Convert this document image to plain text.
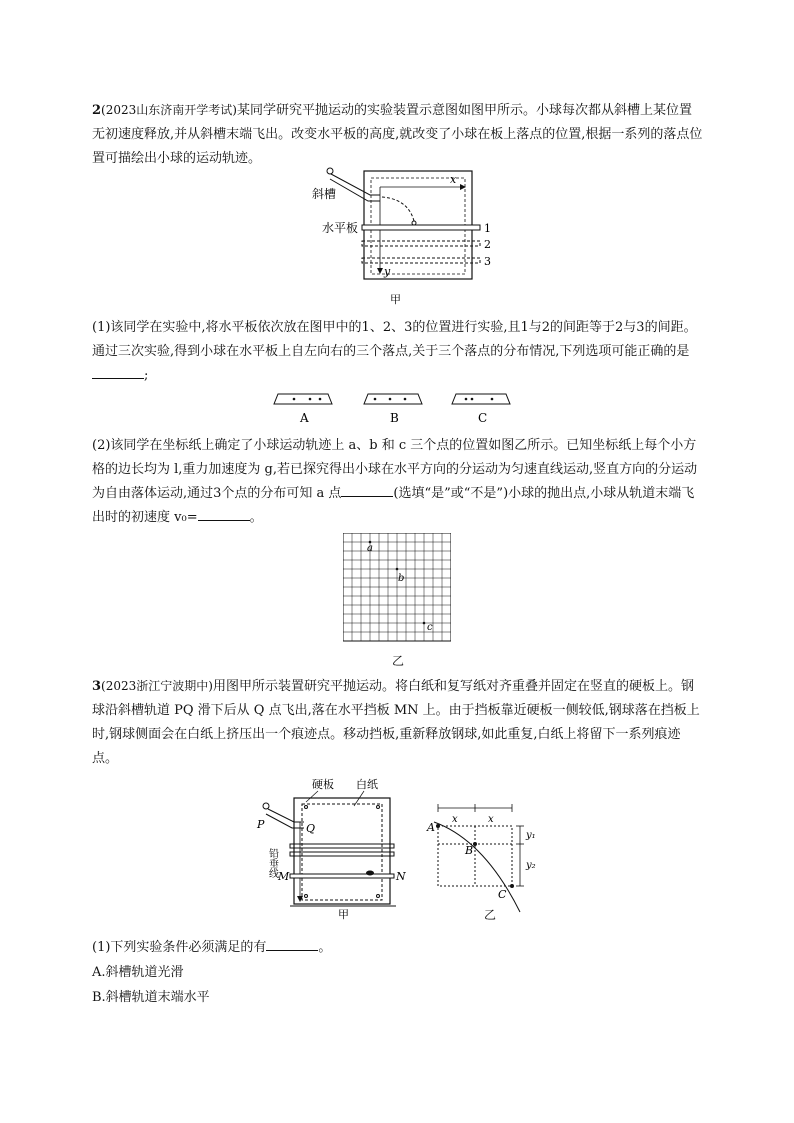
2(2023山东济南开学考试)某同学研究平抛运动的实验装置示意图如图甲所示。小球每次都从斜槽上某位置无初速度释放,并从斜槽末端飞出。改变水平板的高度,就改变了小球在板上落点的位置,根据一系列的落点位置可描绘出小球的运动轨迹。
斜槽
x
y
水平板	1
2
3
甲
(1)该同学在实验中,将水平板依次放在图甲中的1、2、3的位置进行实验,且1与2的间距等于2与3的间距。通过三次实验,得到小球在水平板上自左向右的三个落点,关于三个落点的分布情况,下列选项可能正确的是;
A	B	C
(2)该同学在坐标纸上确定了小球运动轨迹上 a、b 和 c 三个点的位置如图乙所示。已知坐标纸上每个小方格的边长均为 l,重力加速度为 g,若已探究得出小球在水平方向的分运动为匀速直线运动,竖直方向的分运动为自由落体运动,通过3个点的分布可知 a 点	(选填“是”或“不是”)小球的抛出点,小球从轨道末端飞出时的初速度 v₀=	。
a
b
c
乙
3(2023浙江宁波期中)用图甲所示装置研究平抛运动。将白纸和复写纸对齐重叠并固定在竖直的硬板上。钢球沿斜槽轨道 PQ 滑下后从 Q 点飞出,落在水平挡板 MN 上。由于挡板靠近硬板一侧较低,钢球落在挡板上时,钢球侧面会在白纸上挤压出一个痕迹点。移动挡板,重新释放钢球,如此重复,白纸上将留下一系列痕迹点。
硬板 白纸
P	Q
铅垂线 M	N
甲
x	x
A
B
C
y₁
y₂
乙
(1)下列实验条件必须满足的有	。
A.斜槽轨道光滑
B.斜槽轨道末端水平
